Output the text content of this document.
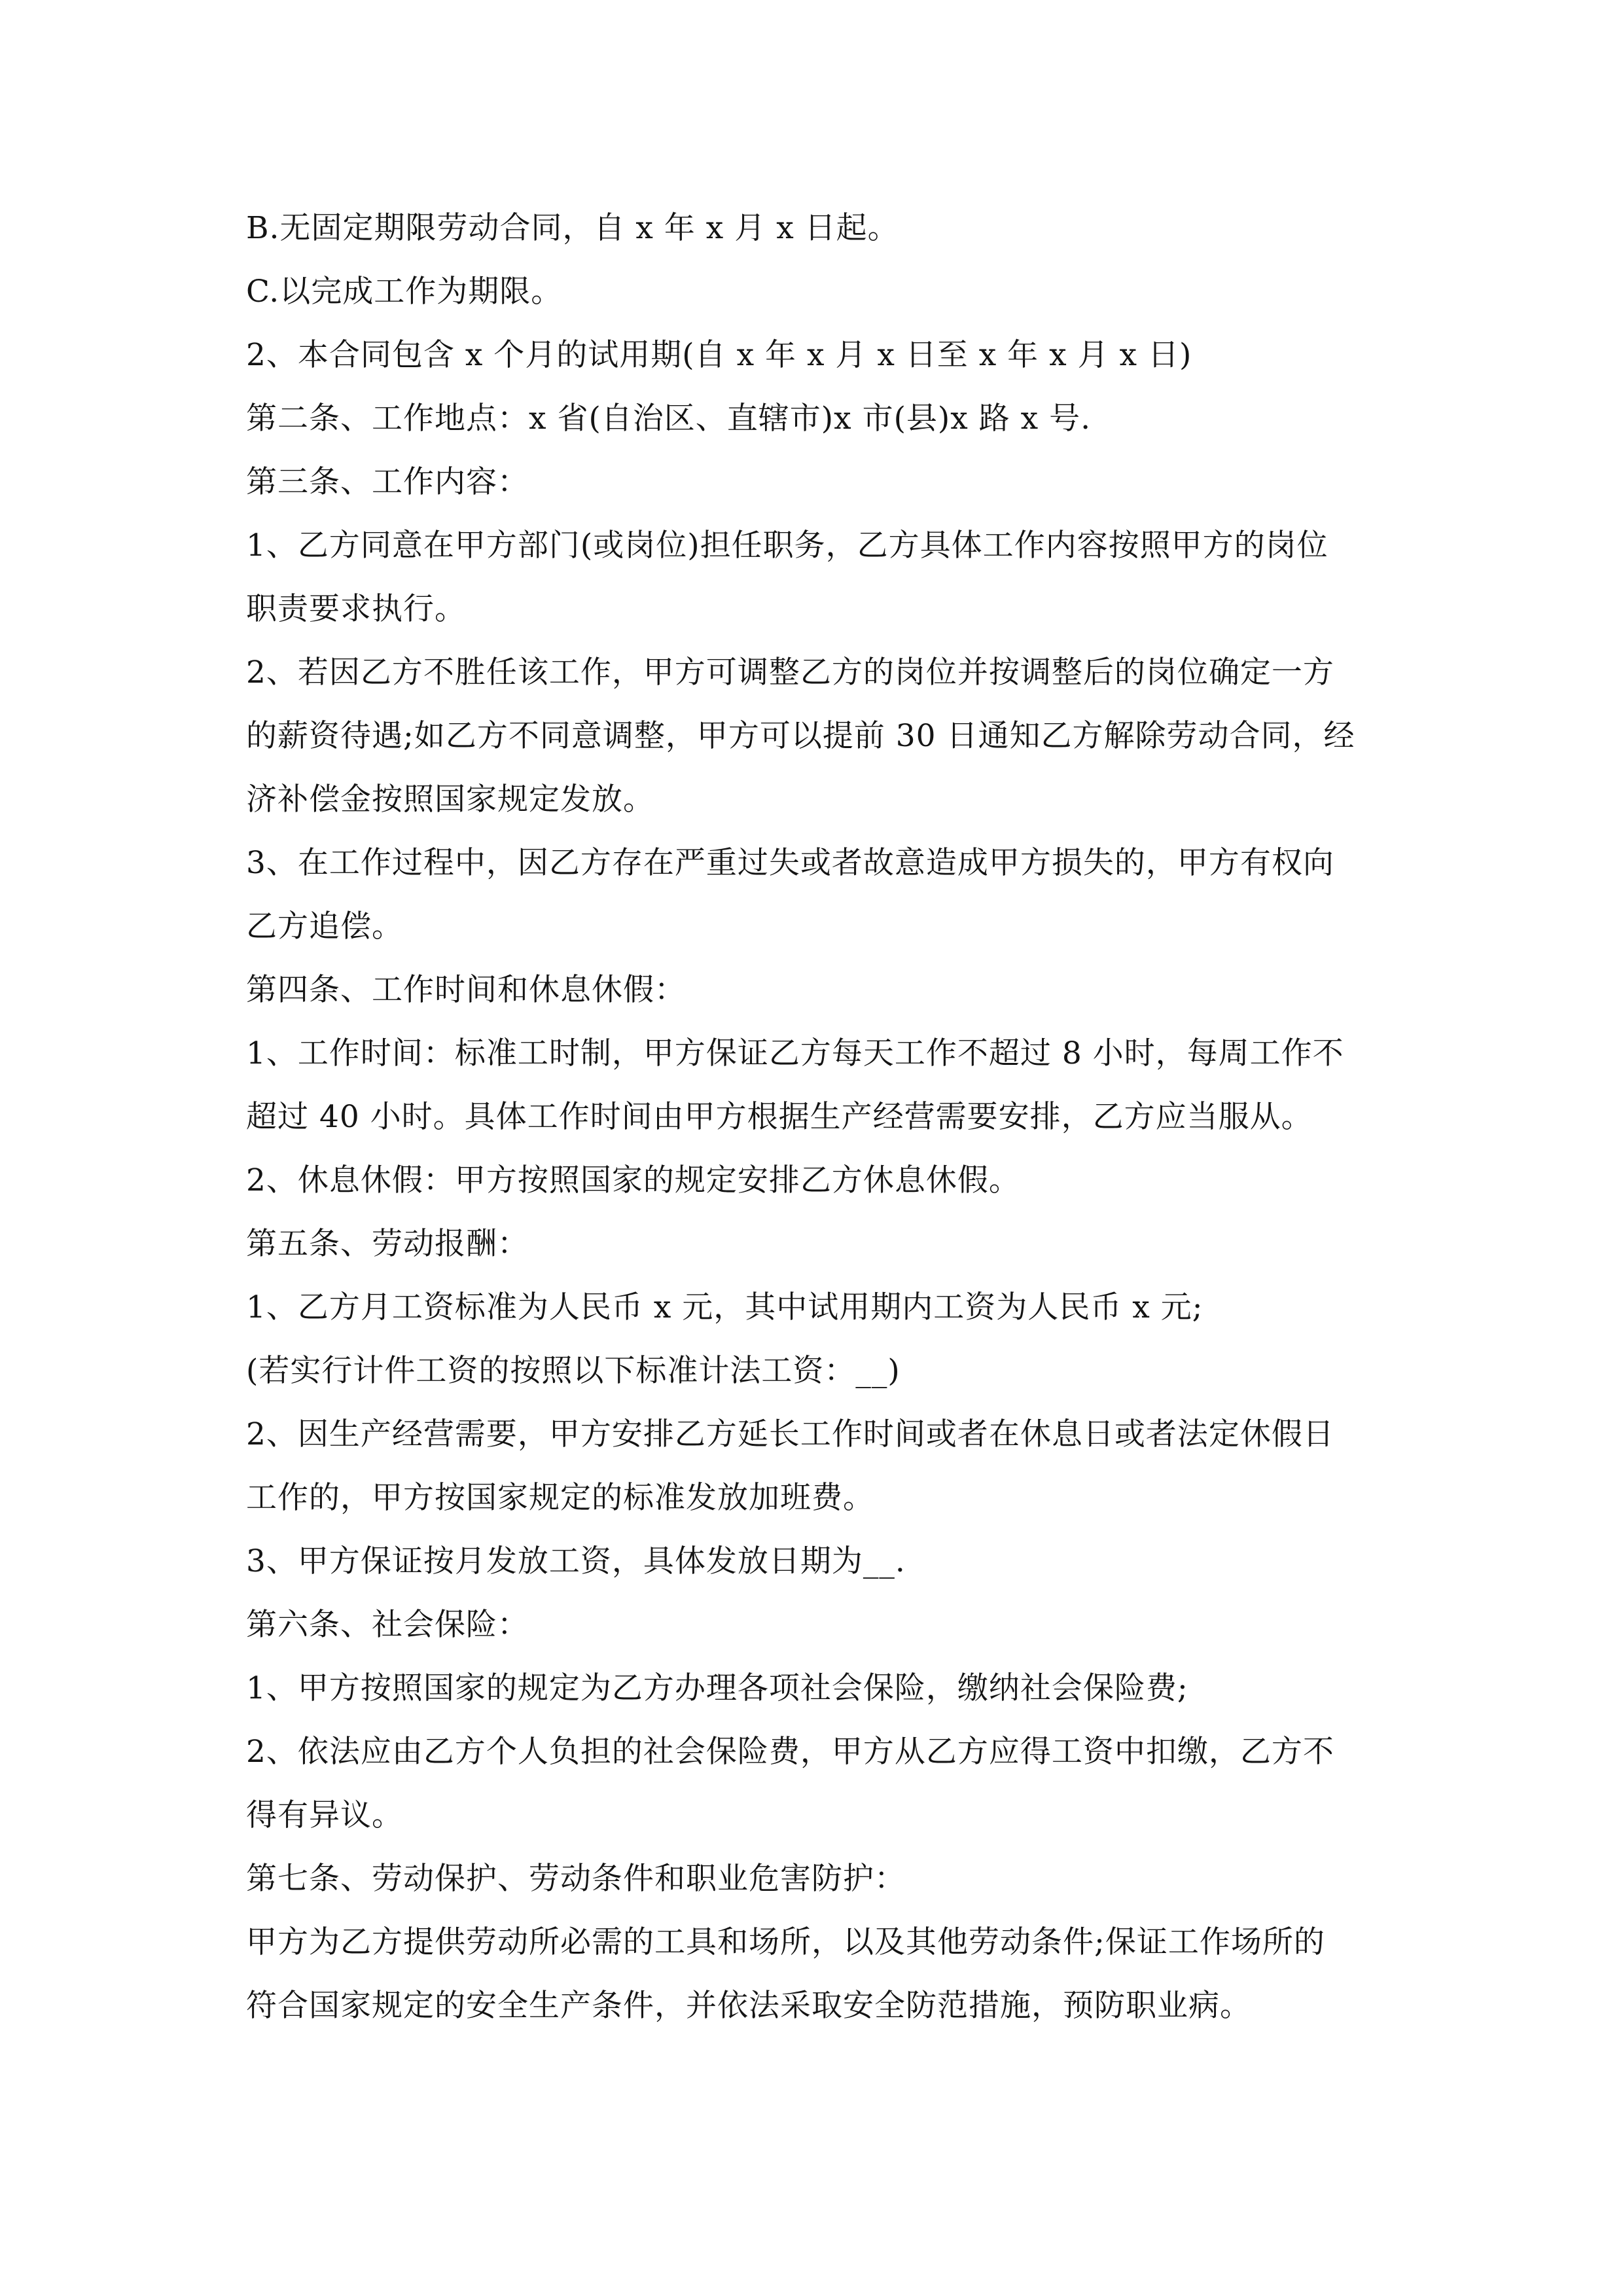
B.无固定期限劳动合同，自 x 年 x 月 x 日起。
C.以完成工作为期限。
2、本合同包含 x 个月的试用期(自 x 年 x 月 x 日至 x 年 x 月 x 日)
第二条、工作地点：x 省(自治区、直辖市)x 市(县)x 路 x 号.
第三条、工作内容：
1、乙方同意在甲方部门(或岗位)担任职务，乙方具体工作内容按照甲方的岗位
职责要求执行。
2、若因乙方不胜任该工作，甲方可调整乙方的岗位并按调整后的岗位确定一方
的薪资待遇;如乙方不同意调整，甲方可以提前 30 日通知乙方解除劳动合同，经
济补偿金按照国家规定发放。
3、在工作过程中，因乙方存在严重过失或者故意造成甲方损失的，甲方有权向
乙方追偿。
第四条、工作时间和休息休假：
1、工作时间：标准工时制，甲方保证乙方每天工作不超过 8 小时，每周工作不
超过 40 小时。具体工作时间由甲方根据生产经营需要安排，乙方应当服从。
2、休息休假：甲方按照国家的规定安排乙方休息休假。
第五条、劳动报酬：
1、乙方月工资标准为人民币 x 元，其中试用期内工资为人民币 x 元;
(若实行计件工资的按照以下标准计法工资：__)
2、因生产经营需要，甲方安排乙方延长工作时间或者在休息日或者法定休假日
工作的，甲方按国家规定的标准发放加班费。
3、甲方保证按月发放工资，具体发放日期为__.
第六条、社会保险：
1、甲方按照国家的规定为乙方办理各项社会保险，缴纳社会保险费;
2、依法应由乙方个人负担的社会保险费，甲方从乙方应得工资中扣缴，乙方不
得有异议。
第七条、劳动保护、劳动条件和职业危害防护：
甲方为乙方提供劳动所必需的工具和场所，以及其他劳动条件;保证工作场所的
符合国家规定的安全生产条件，并依法采取安全防范措施，预防职业病。
